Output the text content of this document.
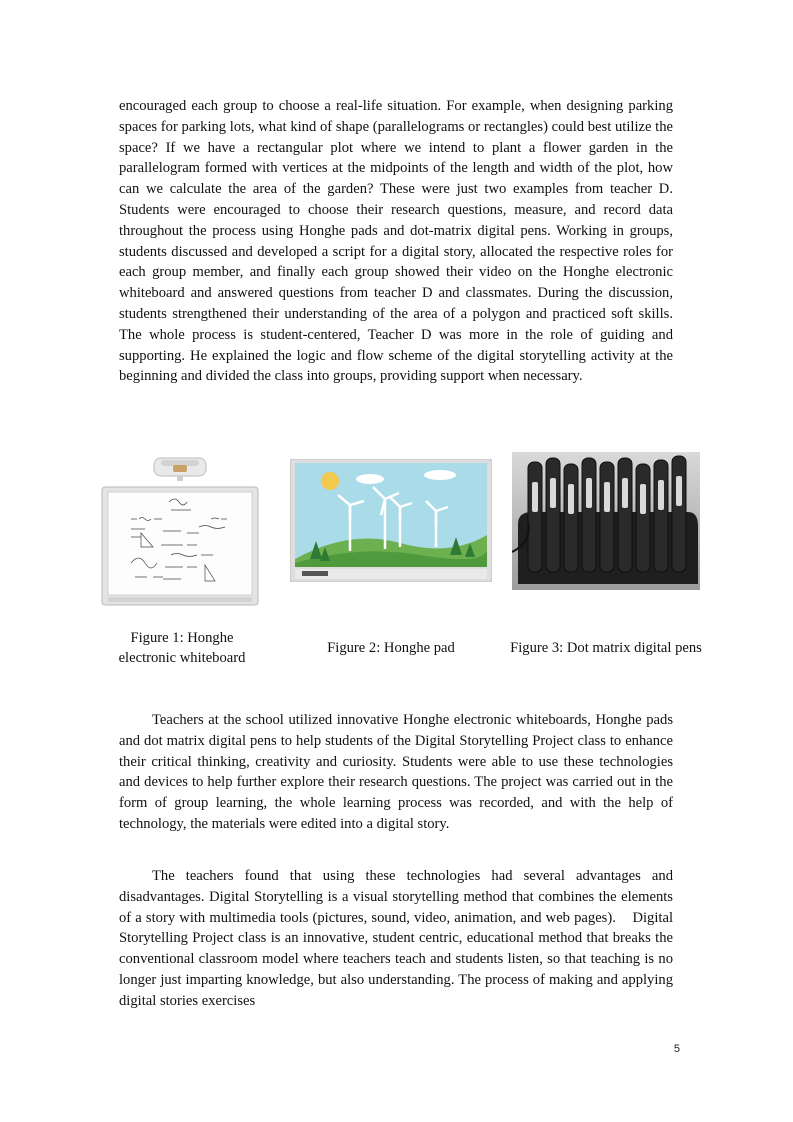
encouraged each group to choose a real-life situation. For example, when designing parking spaces for parking lots, what kind of shape (parallelograms or rectangles) could best utilize the space? If we have a rectangular plot where we intend to plant a flower garden in the parallelogram formed with vertices at the midpoints of the length and width of the plot, how can we calculate the area of the garden? These were just two examples from teacher D. Students were encouraged to choose their research questions, measure, and record data throughout the process using Honghe pads and dot-matrix digital pens. Working in groups, students discussed and developed a script for a digital story, allocated the respective roles for each group member, and finally each group showed their video on the Honghe electronic whiteboard and answered questions from teacher D and classmates. During the discussion, students strengthened their understanding of the area of a polygon and practiced soft skills. The whole process is student-centered, Teacher D was more in the role of guiding and supporting. He explained the logic and flow scheme of the digital storytelling activity at the beginning and divided the class into groups, providing support when necessary.

Figure 1: Honghe electronic whiteboard
Figure 2: Honghe pad	Figure 3: Dot matrix digital pens

Teachers at the school utilized innovative Honghe electronic whiteboards, Honghe pads and dot matrix digital pens to help students of the Digital Storytelling Project class to enhance their critical thinking, creativity and curiosity. Students were able to use these technologies and devices to help further explore their research questions. The project was carried out in the form of group learning, the whole learning process was recorded, and with the help of technology, the materials were edited into a digital story.

The teachers found that using these technologies had several advantages and disadvantages. Digital Storytelling is a visual storytelling method that combines the elements of a story with multimedia tools (pictures, sound, video, animation, and web pages).    Digital Storytelling Project class is an innovative, student centric, educational method that breaks the conventional classroom model where teachers teach and students listen, so that teaching is no longer just imparting knowledge, but also understanding. The process of making and applying digital stories exercises

5
